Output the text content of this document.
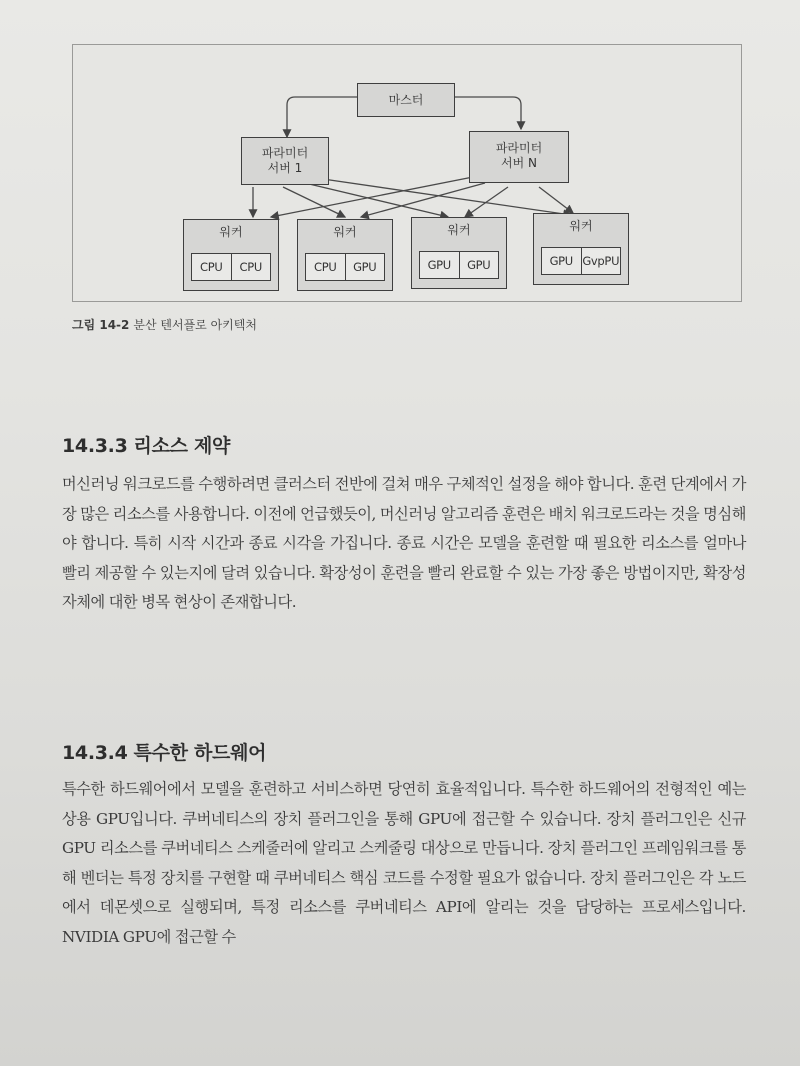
마스터
파라미터
서버 1
파라미터
서버 N
워커
CPU	CPU
워커
CPU	GPU
워커
GPU	GPU
워커
GPU GvpPU
그림 14-2 분산 텐서플로 아키텍처
14.3.3 리소스 제약
머신러닝 워크로드를 수행하려면 클러스터 전반에 걸쳐 매우 구체적인 설정을 해야 합니다. 훈련 단계에서 가장 많은 리소스를 사용합니다. 이전에 언급했듯이, 머신러닝 알고리즘 훈련은 배치 워크로드라는 것을 명심해야 합니다. 특히 시작 시간과 종료 시각을 가집니다. 종료 시간은 모델을 훈련할 때 필요한 리소스를 얼마나 빨리 제공할 수 있는지에 달려 있습니다. 확장성이 훈련을 빨리 완료할 수 있는 가장 좋은 방법이지만, 확장성 자체에 대한 병목 현상이 존재합니다.
14.3.4 특수한 하드웨어
특수한 하드웨어에서 모델을 훈련하고 서비스하면 당연히 효율적입니다. 특수한 하드웨어의 전형적인 예는 상용 GPU입니다. 쿠버네티스의 장치 플러그인을 통해 GPU에 접근할 수 있습니다. 장치 플러그인은 신규 GPU 리소스를 쿠버네티스 스케줄러에 알리고 스케줄링 대상으로 만듭니다. 장치 플러그인 프레임워크를 통해 벤더는 특정 장치를 구현할 때 쿠버네티스 핵심 코드를 수정할 필요가 없습니다. 장치 플러그인은 각 노드에서 데몬셋으로 실행되며, 특정 리소스를 쿠버네티스 API에 알리는 것을 담당하는 프로세스입니다. NVIDIA GPU에 접근할 수
